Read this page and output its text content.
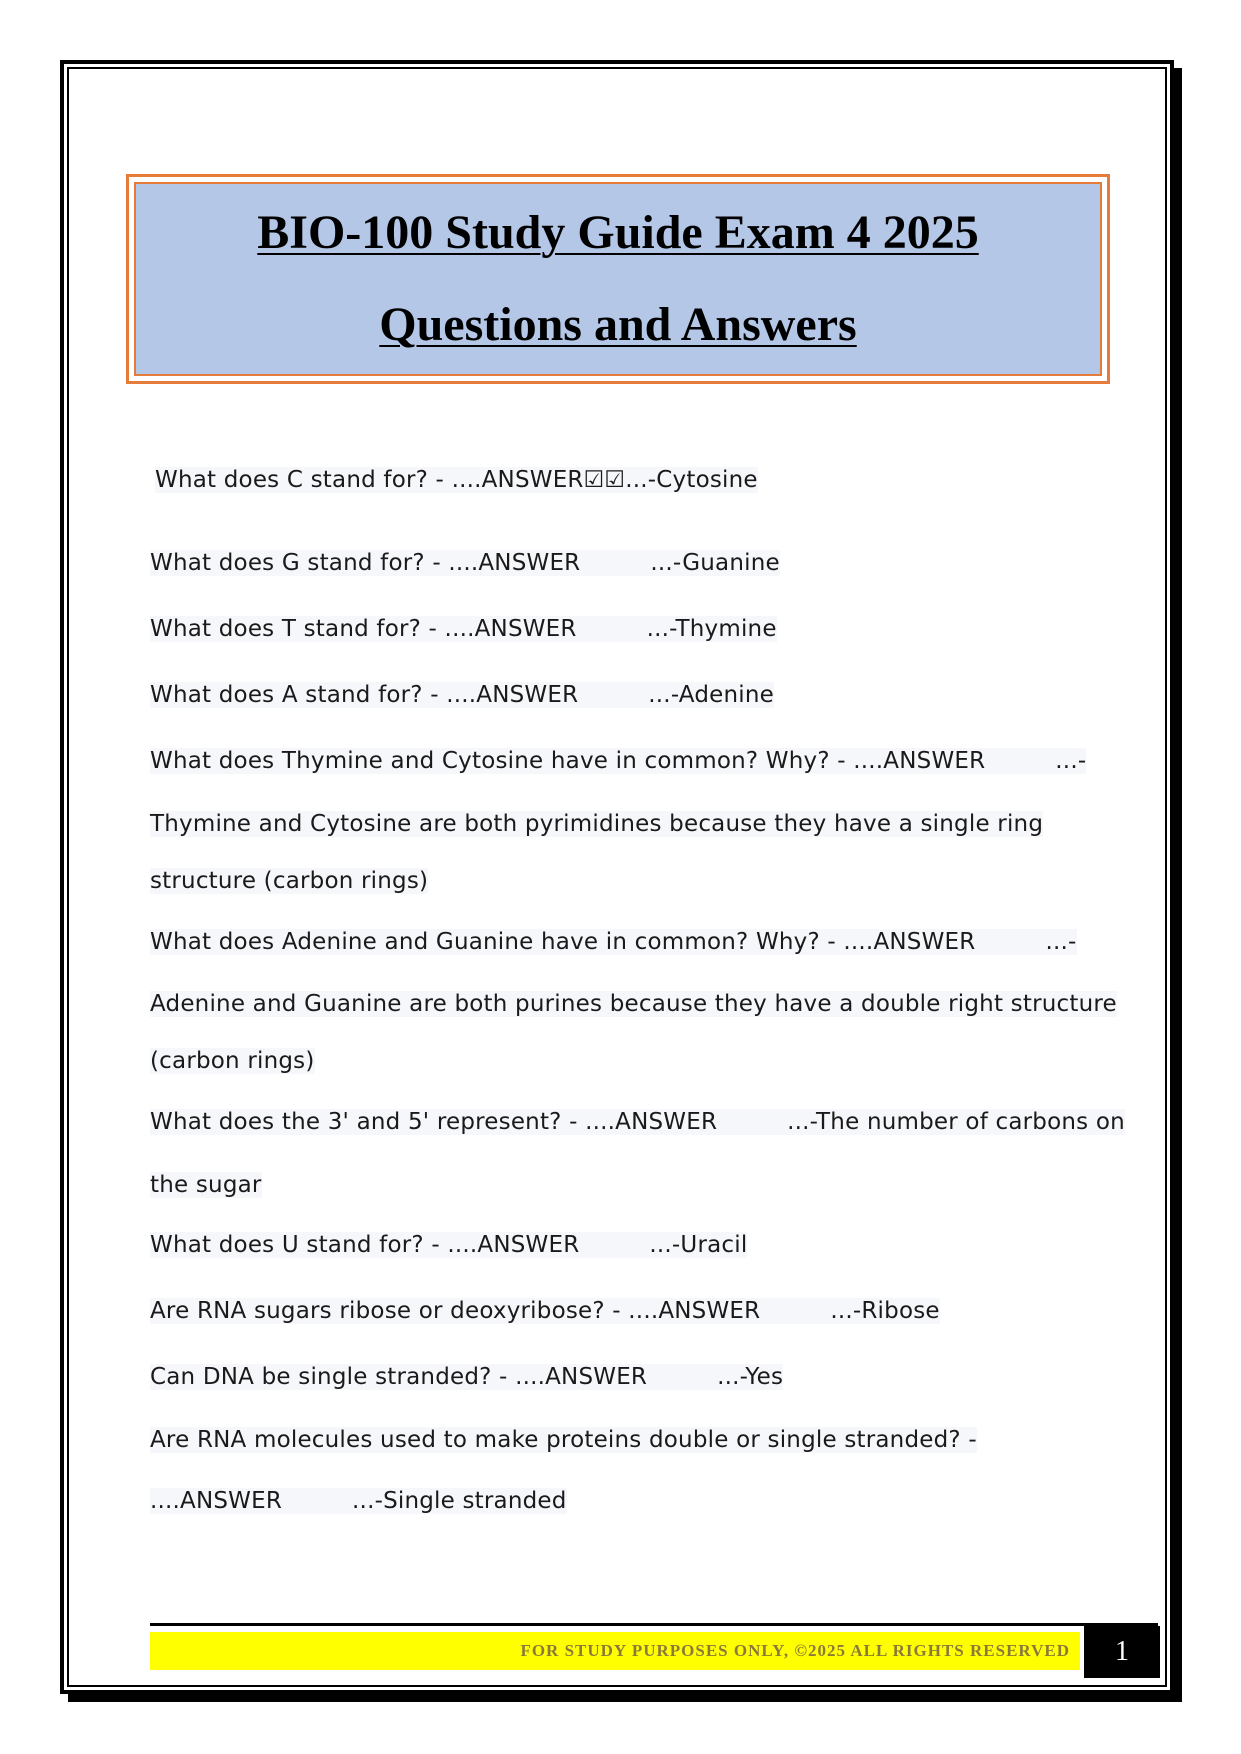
BIO-100 Study Guide Exam 4 2025
Questions and Answers
What does C stand for? - ....ANSWER☑☑...-Cytosine
What does G stand for? - ....ANSWER	...-Guanine
What does T stand for? - ....ANSWER	...-Thymine
What does A stand for? - ....ANSWER	...-Adenine
What does Thymine and Cytosine have in common? Why? - ....ANSWER	...-
Thymine and Cytosine are both pyrimidines because they have a single ring
structure (carbon rings)
What does Adenine and Guanine have in common? Why? - ....ANSWER	...-
Adenine and Guanine are both purines because they have a double right structure
(carbon rings)
What does the 3' and 5' represent? - ....ANSWER	...-The number of carbons on
the sugar
What does U stand for? - ....ANSWER	...-Uracil
Are RNA sugars ribose or deoxyribose? - ....ANSWER	...-Ribose
Can DNA be single stranded? - ....ANSWER	...-Yes
Are RNA molecules used to make proteins double or single stranded? -
....ANSWER	...-Single stranded
FOR STUDY PURPOSES ONLY, ©2025 ALL RIGHTS RESERVED	1
